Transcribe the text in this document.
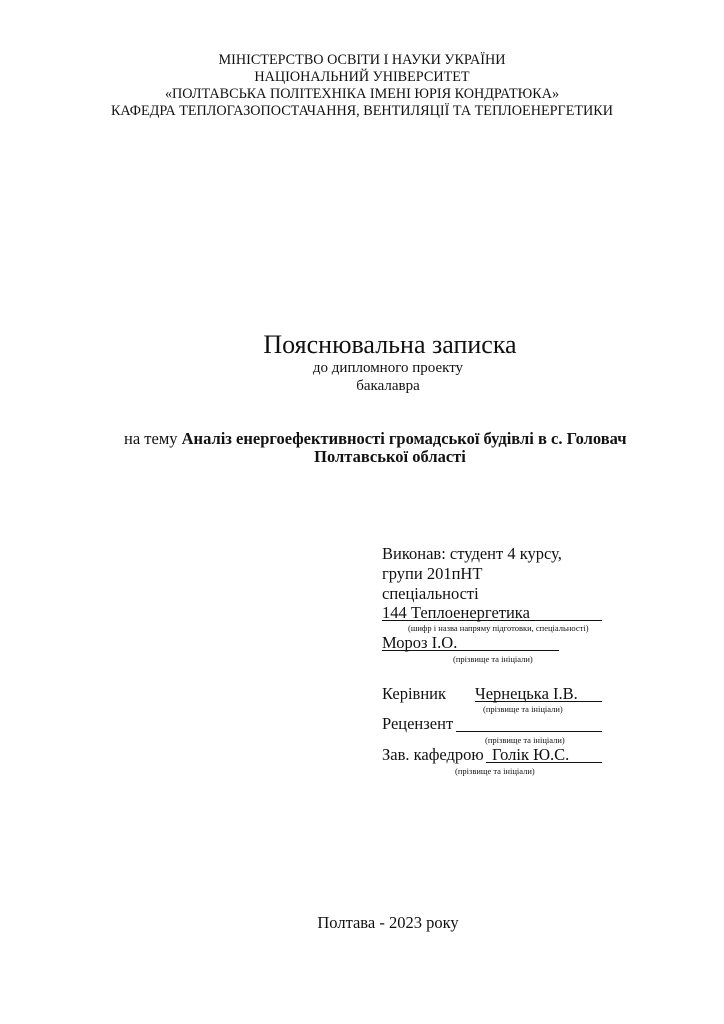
МІНІСТЕРСТВО ОСВІТИ І НАУКИ УКРАЇНИ
НАЦІОНАЛЬНИЙ УНІВЕРСИТЕТ
«ПОЛТАВСЬКА ПОЛІТЕХНІКА ІМЕНІ ЮРІЯ КОНДРАТЮКА»
КАФЕДРА ТЕПЛОГАЗОПОСТАЧАННЯ, ВЕНТИЛЯЦІЇ ТА ТЕПЛОЕНЕРГЕТИКИ
Пояснювальна записка
до дипломного проекту
бакалавра
на тему Аналіз енергоефективності громадської будівлі в с. Головач
Полтавської області
Виконав: студент 4 курсу,
групи 201пНТ
спеціальності
144 Теплоенергетика
(шифр і назва напряму підготовки, спеціальності)
Мороз І.О.
(прізвище та ініціали)
Керівник Чернецька І.В.
(прізвище та ініціали)
Рецензент
(прізвище та ініціали)
Зав. кафедрою Голік Ю.С.
(прізвище та ініціали)
Полтава - 2023 року
